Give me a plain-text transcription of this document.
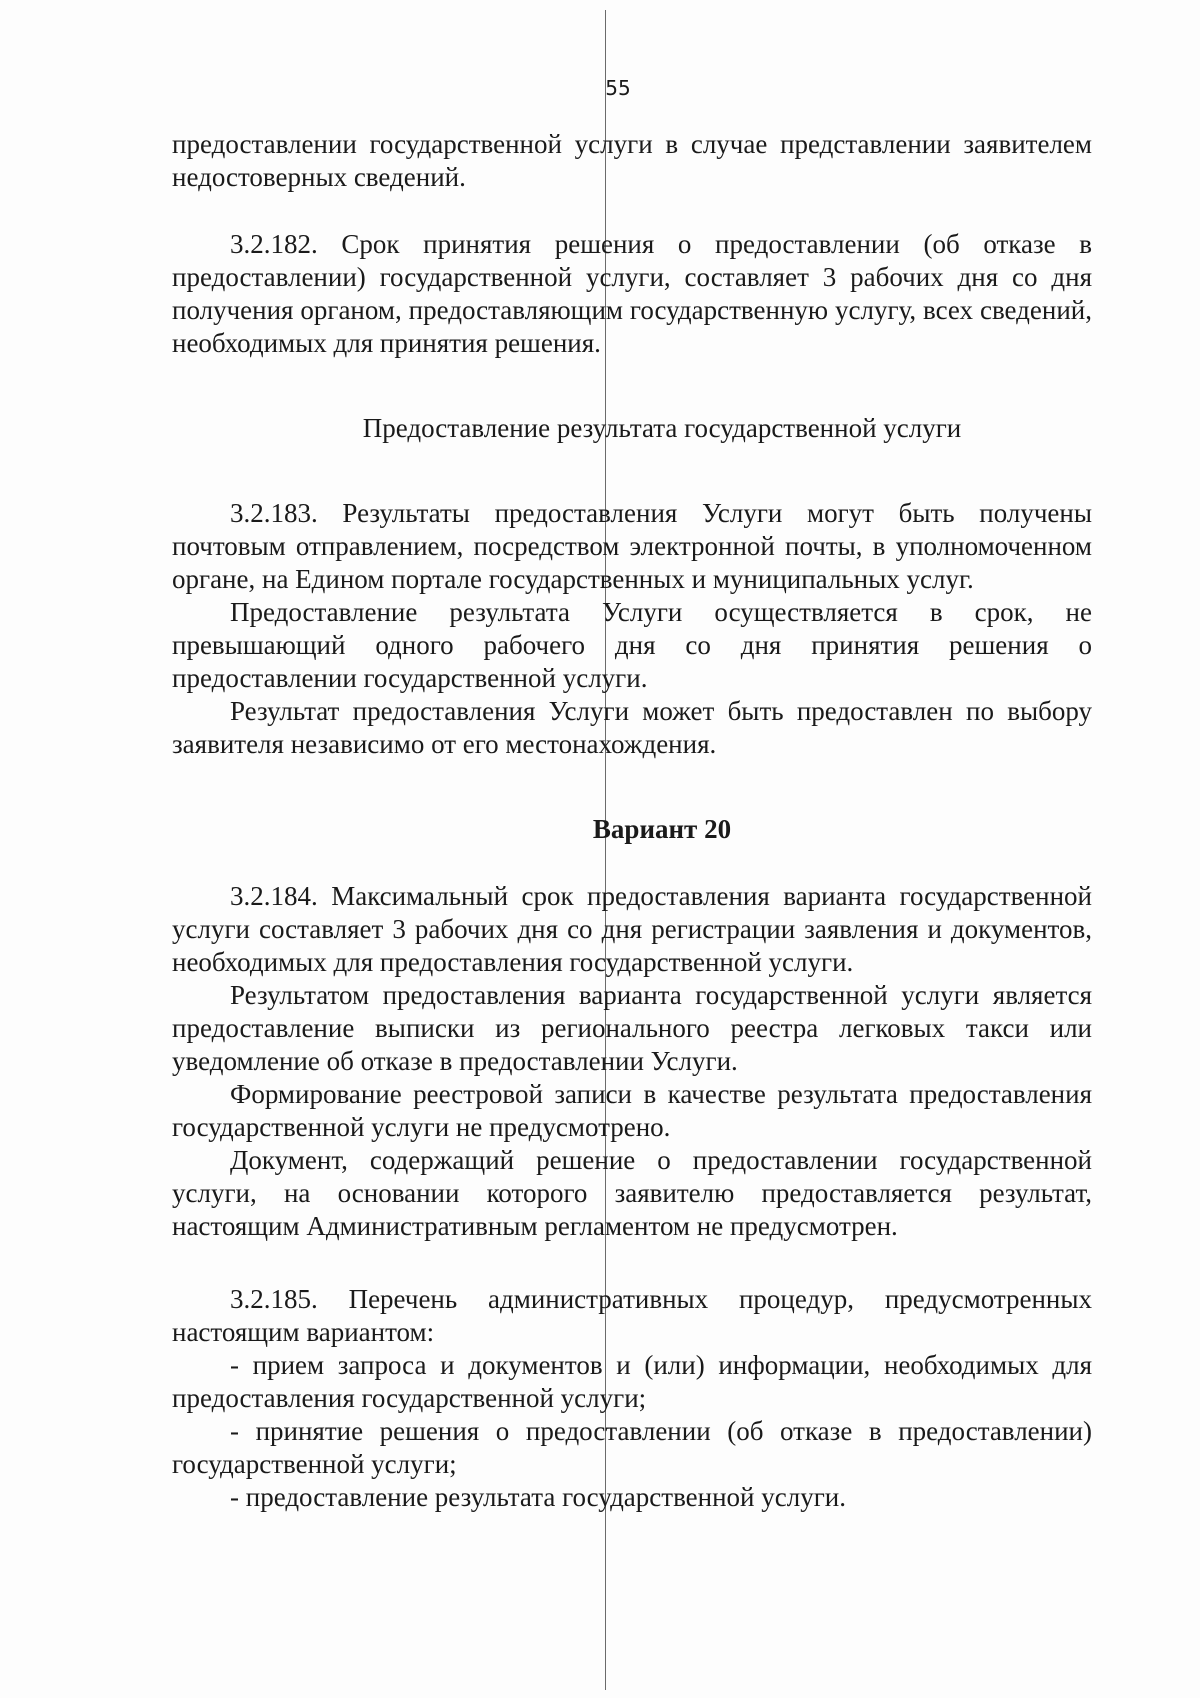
55

предоставлении государственной услуги в случае представлении заявителем недостоверных сведений.

3.2.182. Срок принятия решения о предоставлении (об отказе в предоставлении) государственной услуги, составляет 3 рабочих дня со дня получения органом, предоставляющим государственную услугу, всех сведений, необходимых для принятия решения.

Предоставление результата государственной услуги

3.2.183. Результаты предоставления Услуги могут быть получены почтовым отправлением, посредством электронной почты, в уполномоченном органе, на Едином портале государственных и муниципальных услуг.

Предоставление результата Услуги осуществляется в срок, не превышающий одного рабочего дня со дня принятия решения о предоставлении государственной услуги.

Результат предоставления Услуги может быть предоставлен по выбору заявителя независимо от его местонахождения.

Вариант 20

3.2.184. Максимальный срок предоставления варианта государственной услуги составляет 3 рабочих дня со дня регистрации заявления и документов, необходимых для предоставления государственной услуги.

Результатом предоставления варианта государственной услуги является предоставление выписки из регионального реестра легковых такси или уведомление об отказе в предоставлении Услуги.

Формирование реестровой записи в качестве результата предоставления государственной услуги не предусмотрено.

Документ, содержащий решение о предоставлении государственной услуги, на основании которого заявителю предоставляется результат, настоящим Административным регламентом не предусмотрен.

3.2.185. Перечень административных процедур, предусмотренных настоящим вариантом:

- прием запроса и документов и (или) информации, необходимых для предоставления государственной услуги;

- принятие решения о предоставлении (об отказе в предоставлении) государственной услуги;

- предоставление результата государственной услуги.
